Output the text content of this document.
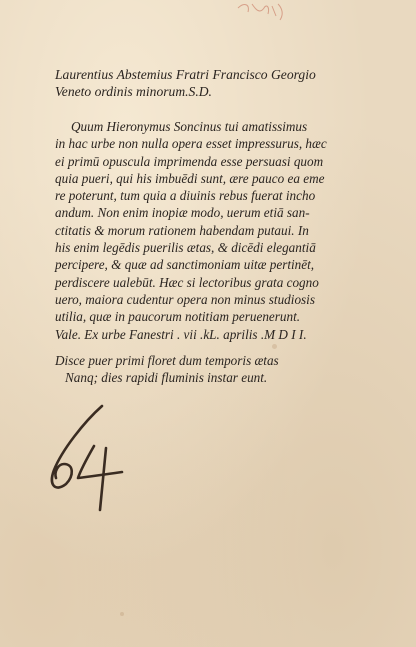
Laurentius Abstemius Fratri Francisco Georgio
Veneto ordinis minorum.S.D.
Quum Hieronymus Soncinus tui amatissimus
in hac urbe non nulla opera esset impressurus, hæc
ei primū opuscula imprimenda esse persuasi quom
quia pueri, qui his imbuēdi sunt, ære pauco ea eme
re poterunt, tum quia a diuinis rebus fuerat incho
andum. Non enim inopiæ modo, uerum etiā san-
ctitatis & morum rationem habendam putaui. In
his enim legēdis puerilis ætas, & dicēdi elegantiā
percipere, & quæ ad sanctimoniam uitæ pertinēt,
perdiscere ualebūt. Hæc si lectoribus grata cogno
uero, maiora cudentur opera non minus studiosis
utilia, quæ in paucorum notitiam peruenerunt.
Vale. Ex urbe Fanestri . vii .kL. aprilis .M D I I.
Disce puer primi floret dum temporis ætas
Nanq; dies rapidi fluminis instar eunt.
